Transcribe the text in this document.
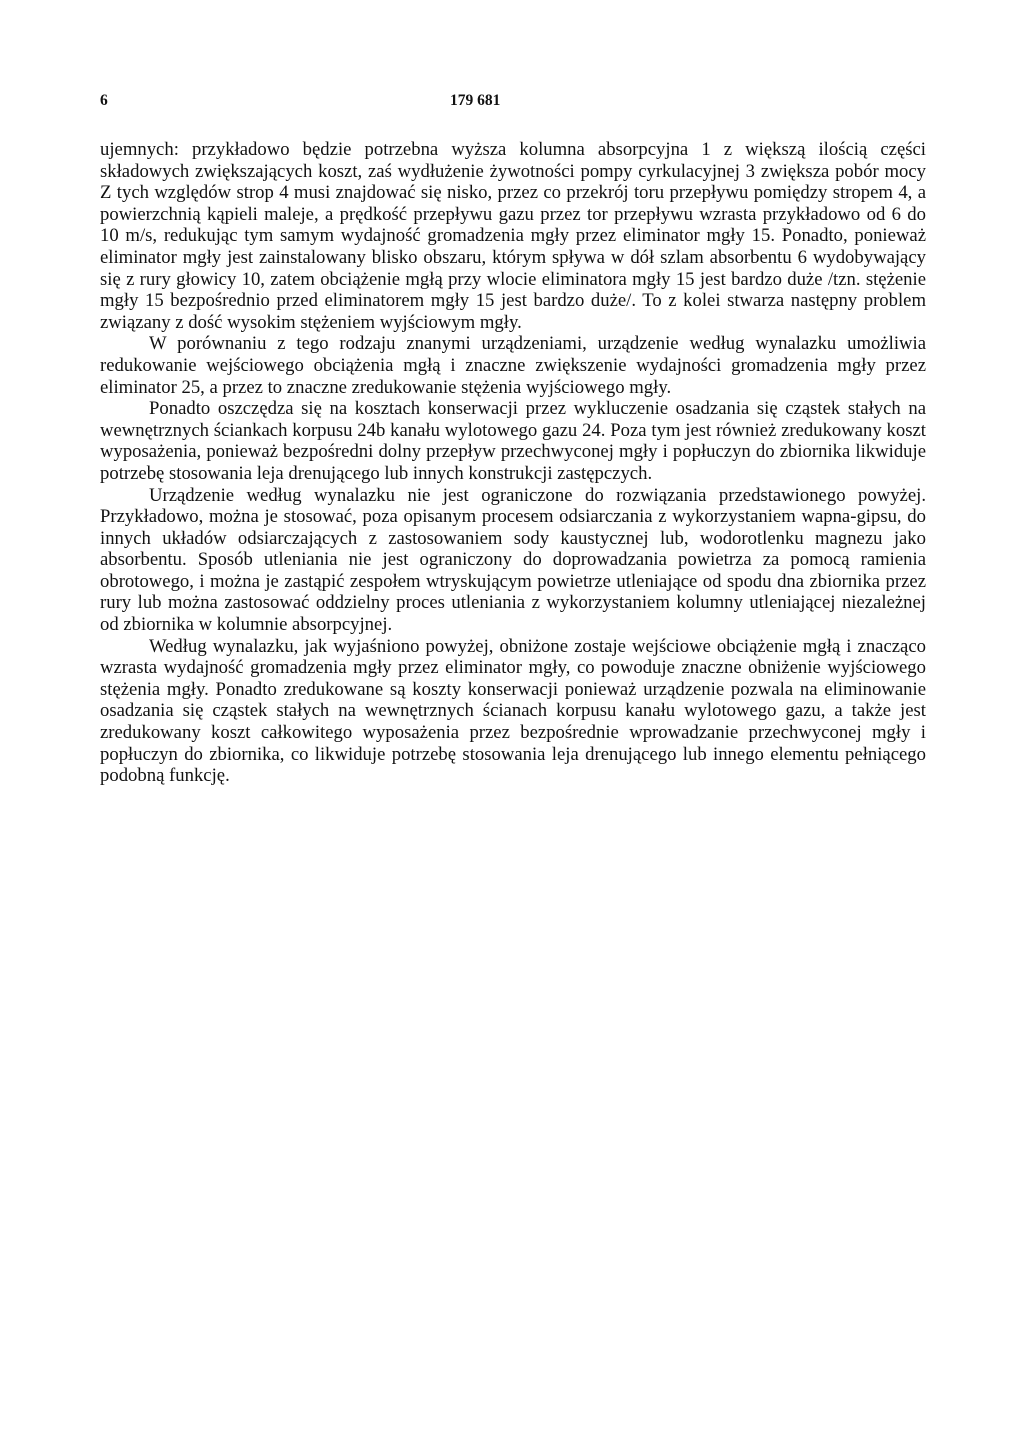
6	179 681

ujemnych: przykładowo będzie potrzebna wyższa kolumna absorpcyjna 1 z większą ilością części składowych zwiększających koszt, zaś wydłużenie żywotności pompy cyrkulacyjnej 3 zwiększa pobór mocy Z tych względów strop 4 musi znajdować się nisko, przez co przekrój toru przepływu pomiędzy stropem 4, a powierzchnią kąpieli maleje, a prędkość przepływu gazu przez tor przepływu wzrasta przykładowo od 6 do 10 m/s, redukując tym samym wydajność gromadzenia mgły przez eliminator mgły 15. Ponadto, ponieważ eliminator mgły jest zainstalowany blisko obszaru, którym spływa w dół szlam absorbentu 6 wydobywający się z rury głowicy 10, zatem obciążenie mgłą przy wlocie eliminatora mgły 15 jest bardzo duże /tzn. stężenie mgły 15 bezpośrednio przed eliminatorem mgły 15 jest bardzo duże/. To z kolei stwarza następny problem związany z dość wysokim stężeniem wyjściowym mgły.

W porównaniu z tego rodzaju znanymi urządzeniami, urządzenie według wynalazku umożliwia redukowanie wejściowego obciążenia mgłą i znaczne zwiększenie wydajności gromadzenia mgły przez eliminator 25, a przez to znaczne zredukowanie stężenia wyjściowego mgły.

Ponadto oszczędza się na kosztach konserwacji przez wykluczenie osadzania się cząstek stałych na wewnętrznych ściankach korpusu 24b kanału wylotowego gazu 24. Poza tym jest również zredukowany koszt wyposażenia, ponieważ bezpośredni dolny przepływ przechwyconej mgły i popłuczyn do zbiornika likwiduje potrzebę stosowania leja drenującego lub innych konstrukcji zastępczych.

Urządzenie według wynalazku nie jest ograniczone do rozwiązania przedstawionego powyżej. Przykładowo, można je stosować, poza opisanym procesem odsiarczania z wykorzystaniem wapna-gipsu, do innych układów odsiarczających z zastosowaniem sody kaustycznej lub, wodorotlenku magnezu jako absorbentu. Sposób utleniania nie jest ograniczony do doprowadzania powietrza za pomocą ramienia obrotowego, i można je zastąpić zespołem wtryskującym powietrze utleniające od spodu dna zbiornika przez rury lub można zastosować oddzielny proces utleniania z wykorzystaniem kolumny utleniającej niezależnej od zbiornika w kolumnie absorpcyjnej.

Według wynalazku, jak wyjaśniono powyżej, obniżone zostaje wejściowe obciążenie mgłą i znacząco wzrasta wydajność gromadzenia mgły przez eliminator mgły, co powoduje znaczne obniżenie wyjściowego stężenia mgły. Ponadto zredukowane są koszty konserwacji ponieważ urządzenie pozwala na eliminowanie osadzania się cząstek stałych na wewnętrznych ścianach korpusu kanału wylotowego gazu, a także jest zredukowany koszt całkowitego wyposażenia przez bezpośrednie wprowadzanie przechwyconej mgły i popłuczyn do zbiornika, co likwiduje potrzebę stosowania leja drenującego lub innego elementu pełniącego podobną funkcję.
